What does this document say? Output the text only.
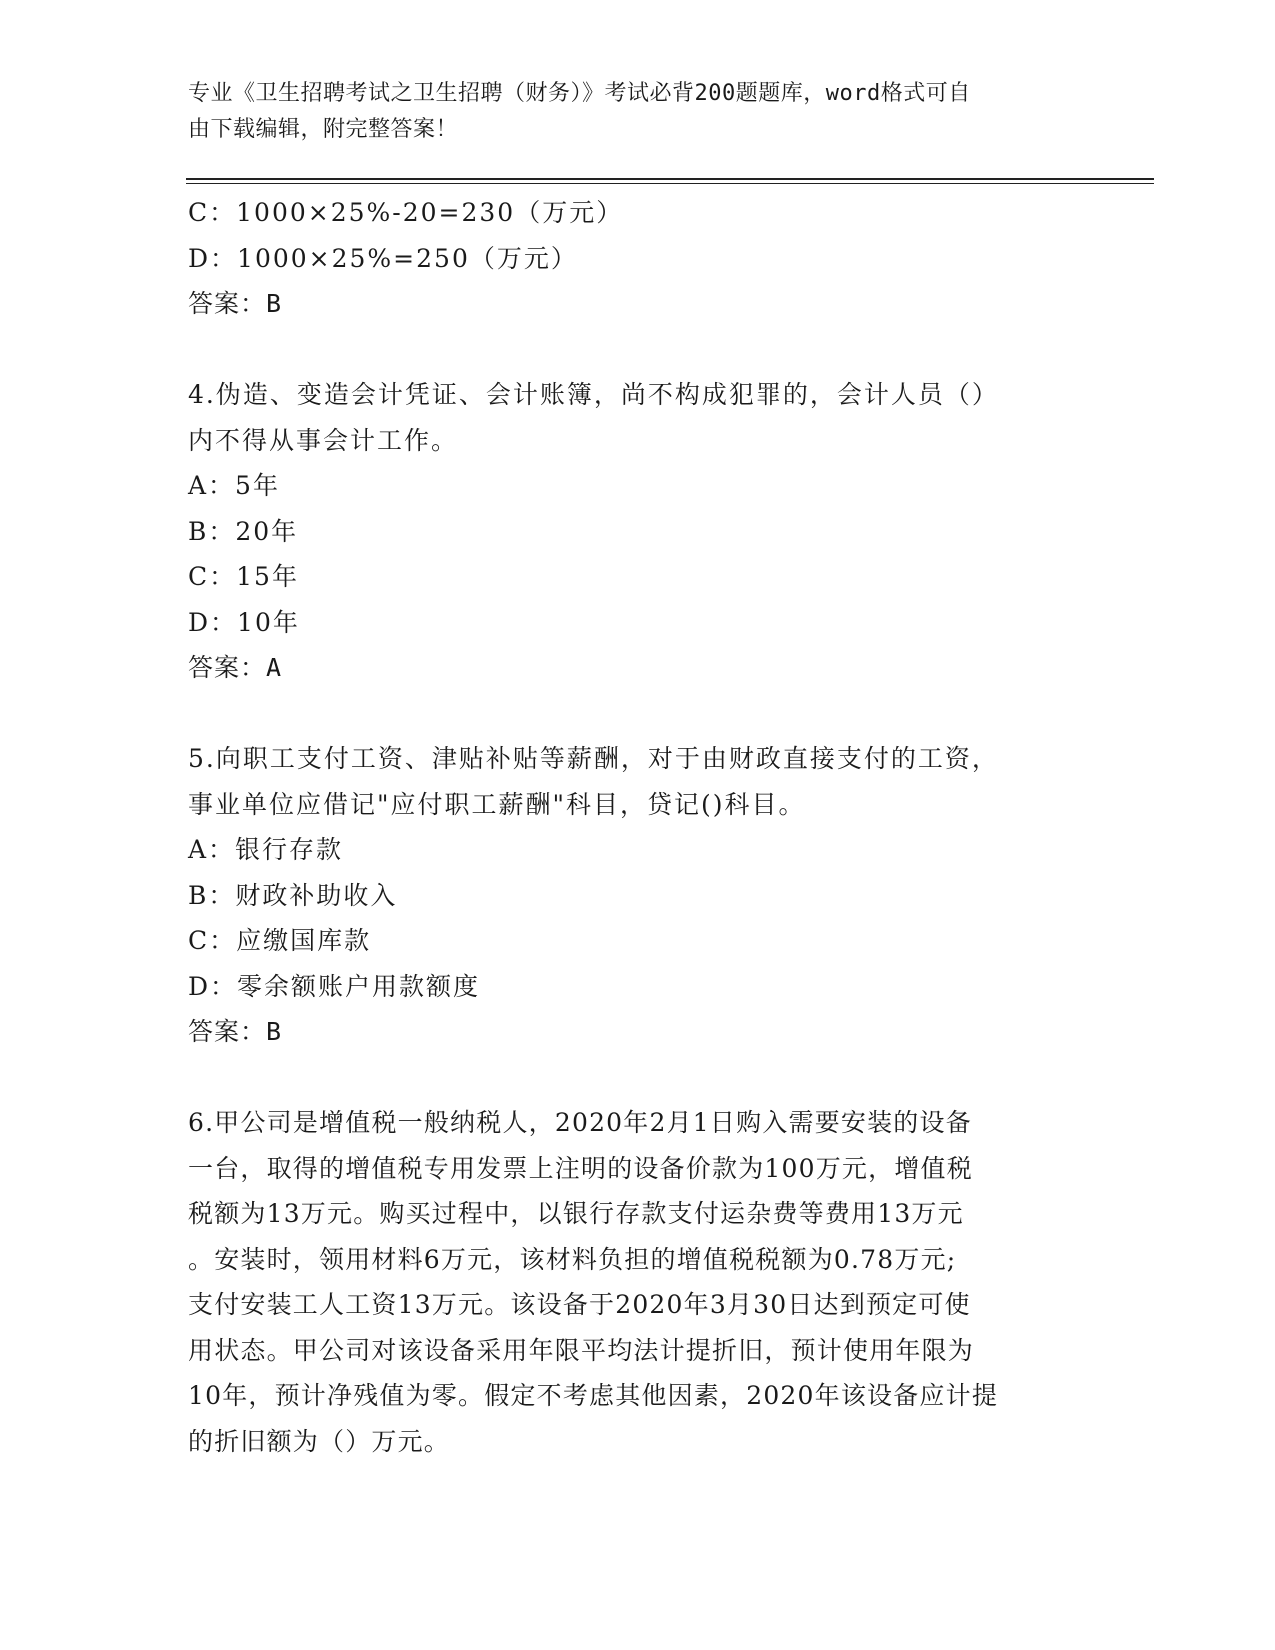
专业《卫生招聘考试之卫生招聘（财务）》考试必背200题题库，word格式可自
由下载编辑，附完整答案！
C：1000×25%-20=230（万元）
D：1000×25%=250（万元）
答案：B
4.伪造、变造会计凭证、会计账簿，尚不构成犯罪的，会计人员（）
内不得从事会计工作。
A：5年
B：20年
C：15年
D：10年
答案：A
5.向职工支付工资、津贴补贴等薪酬，对于由财政直接支付的工资，
事业单位应借记"应付职工薪酬"科目，贷记()科目。
A：银行存款
B：财政补助收入
C：应缴国库款
D：零余额账户用款额度
答案：B
6.甲公司是增值税一般纳税人，2020年2月1日购入需要安装的设备
一台，取得的增值税专用发票上注明的设备价款为100万元，增值税
税额为13万元。购买过程中，以银行存款支付运杂费等费用13万元
。安装时，领用材料6万元，该材料负担的增值税税额为0.78万元;
支付安装工人工资13万元。该设备于2020年3月30日达到预定可使
用状态。甲公司对该设备采用年限平均法计提折旧，预计使用年限为
10年，预计净残值为零。假定不考虑其他因素，2020年该设备应计提
的折旧额为（）万元。
